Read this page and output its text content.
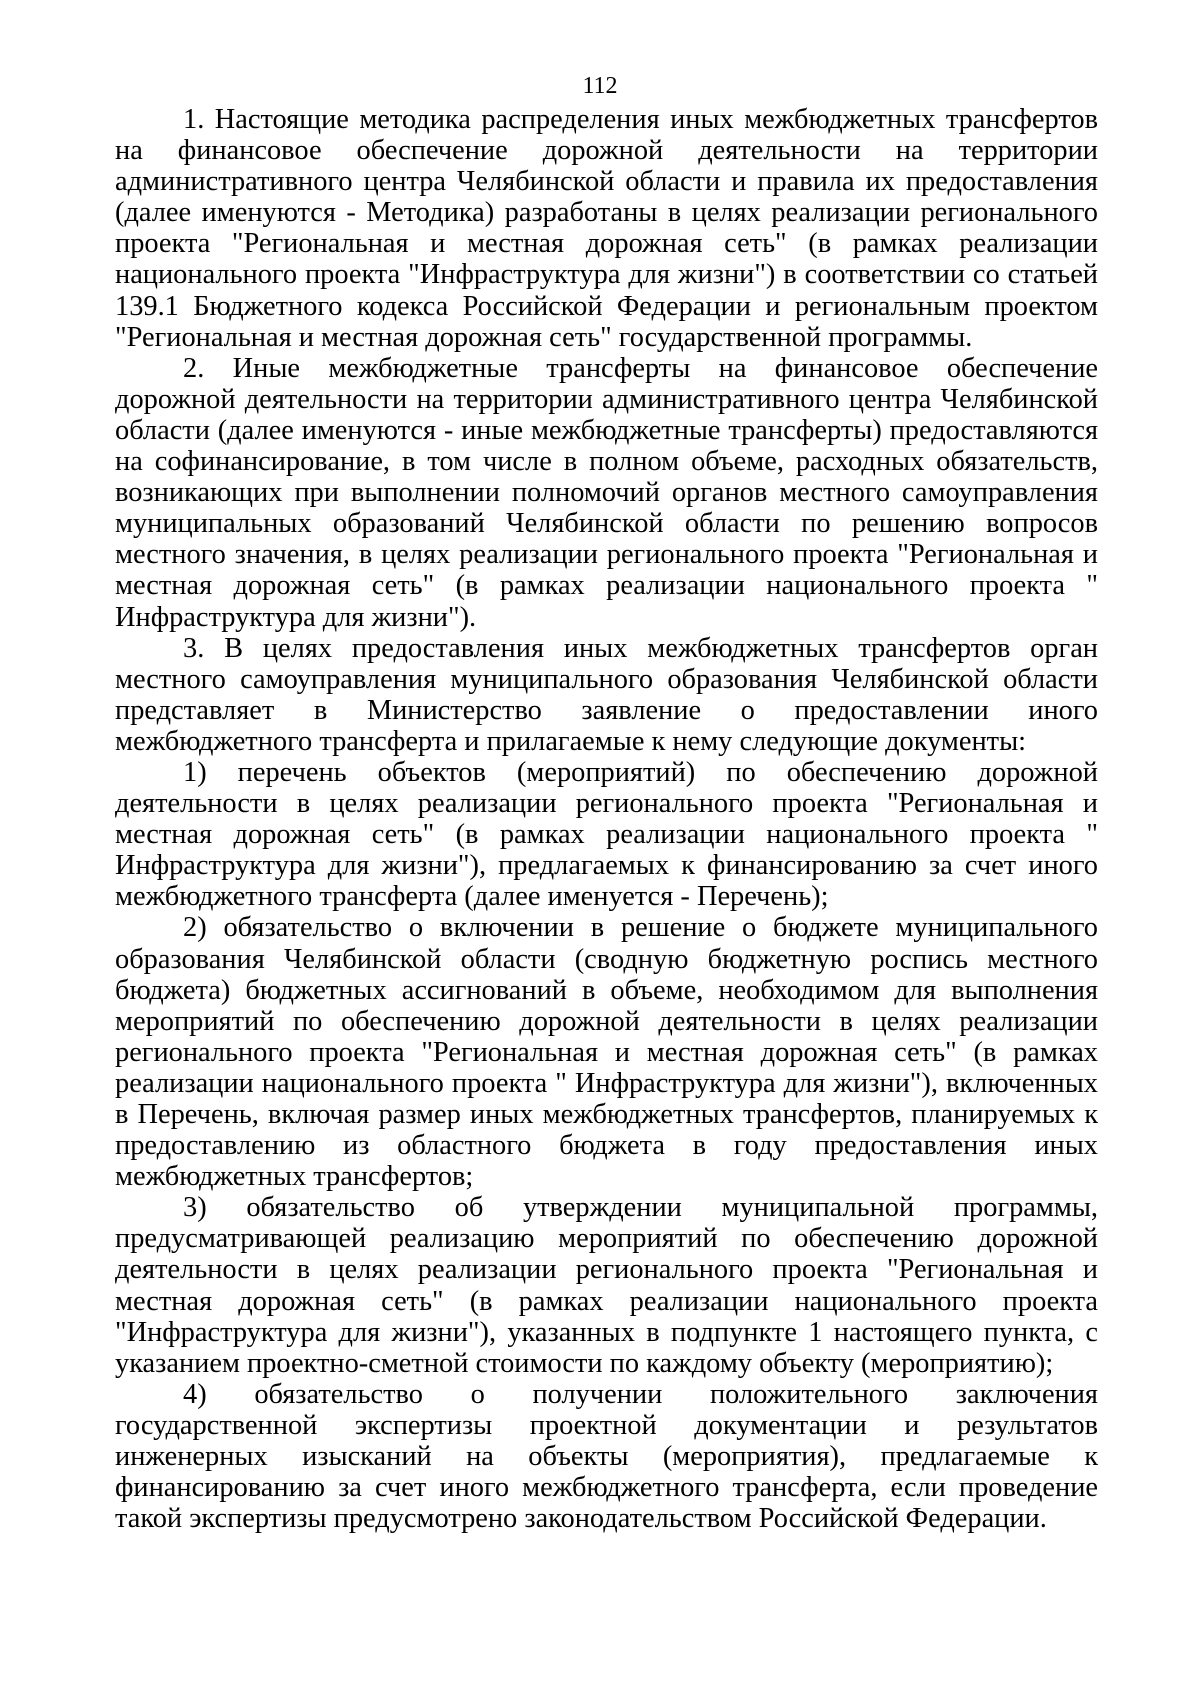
112

1. Настоящие методика распределения иных межбюджетных трансфертов на финансовое обеспечение дорожной деятельности на территории административного центра Челябинской области и правила их предоставления (далее именуются - Методика) разработаны в целях реализации регионального проекта "Региональная и местная дорожная сеть" (в рамках реализации национального проекта "Инфраструктура для жизни") в соответствии со статьей 139.1 Бюджетного кодекса Российской Федерации и региональным проектом "Региональная и местная дорожная сеть" государственной программы.

2. Иные межбюджетные трансферты на финансовое обеспечение дорожной деятельности на территории административного центра Челябинской области (далее именуются - иные межбюджетные трансферты) предоставляются на софинансирование, в том числе в полном объеме, расходных обязательств, возникающих при выполнении полномочий органов местного самоуправления муниципальных образований Челябинской области по решению вопросов местного значения, в целях реализации регионального проекта "Региональная и местная дорожная сеть" (в рамках реализации национального проекта " Инфраструктура для жизни").

3. В целях предоставления иных межбюджетных трансфертов орган местного самоуправления муниципального образования Челябинской области представляет в Министерство заявление о предоставлении иного межбюджетного трансферта и прилагаемые к нему следующие документы:

1) перечень объектов (мероприятий) по обеспечению дорожной деятельности в целях реализации регионального проекта "Региональная и местная дорожная сеть" (в рамках реализации национального проекта " Инфраструктура для жизни"), предлагаемых к финансированию за счет иного межбюджетного трансферта (далее именуется - Перечень);

2) обязательство о включении в решение о бюджете муниципального образования Челябинской области (сводную бюджетную роспись местного бюджета) бюджетных ассигнований в объеме, необходимом для выполнения мероприятий по обеспечению дорожной деятельности в целях реализации регионального проекта "Региональная и местная дорожная сеть" (в рамках реализации национального проекта " Инфраструктура для жизни"), включенных в Перечень, включая размер иных межбюджетных трансфертов, планируемых к предоставлению из областного бюджета в году предоставления иных межбюджетных трансфертов;

3) обязательство об утверждении муниципальной программы, предусматривающей реализацию мероприятий по обеспечению дорожной деятельности в целях реализации регионального проекта "Региональная и местная дорожная сеть" (в рамках реализации национального проекта "Инфраструктура для жизни"), указанных в подпункте 1 настоящего пункта, с указанием проектно-сметной стоимости по каждому объекту (мероприятию);

4) обязательство о получении положительного заключения государственной экспертизы проектной документации и результатов инженерных изысканий на объекты (мероприятия), предлагаемые к финансированию за счет иного межбюджетного трансферта, если проведение такой экспертизы предусмотрено законодательством Российской Федерации.
